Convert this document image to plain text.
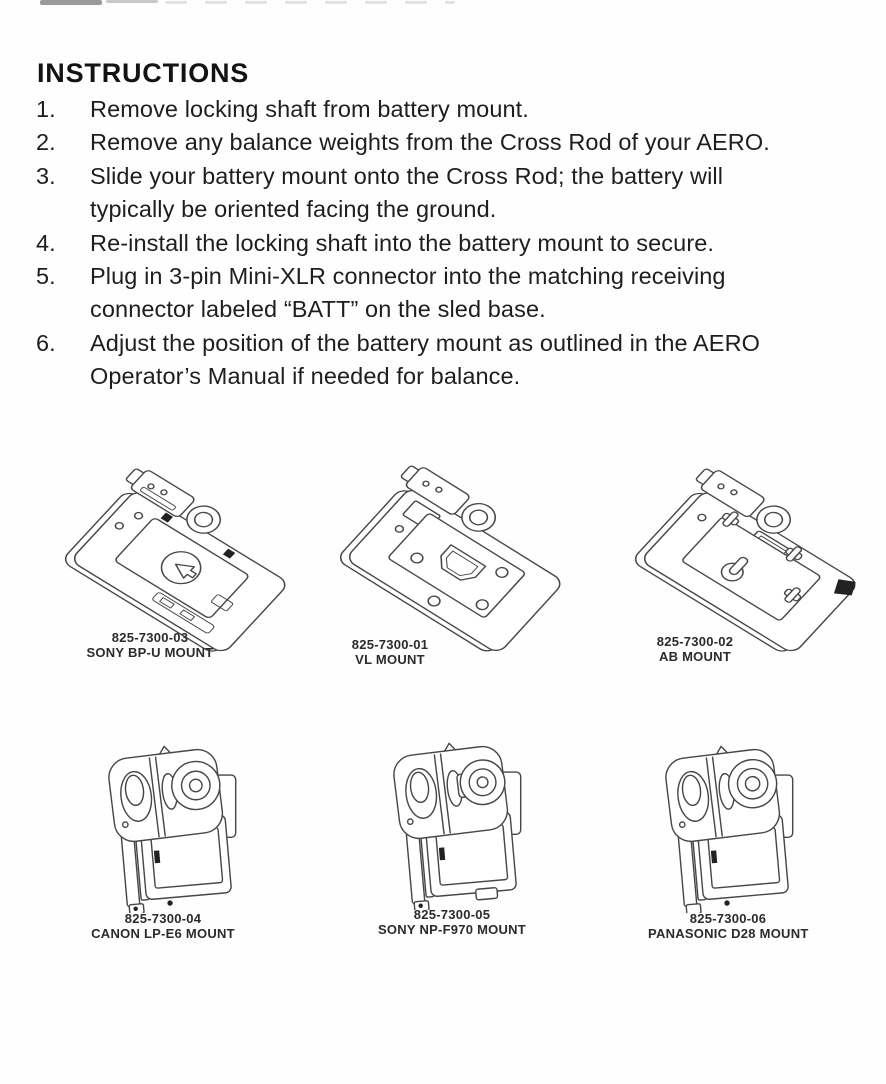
INSTRUCTIONS
1.	Remove locking shaft from battery mount.
2.	Remove any balance weights from the Cross Rod of your AERO.
3.	Slide your battery mount onto the Cross Rod; the battery will
typically be oriented facing the ground.
4.	Re-install the locking shaft into the battery mount to secure.
5.	Plug in 3-pin Mini-XLR connector into the matching receiving
connector labeled “BATT” on the sled base.
6.	Adjust the position of the battery mount as outlined in the AERO
Operator’s Manual if needed for balance.
825-7300-03
SONY BP-U MOUNT
825-7300-01
VL MOUNT
825-7300-02
AB MOUNT
825-7300-04
CANON LP-E6 MOUNT
825-7300-05
SONY NP-F970 MOUNT
825-7300-06
PANASONIC D28 MOUNT
